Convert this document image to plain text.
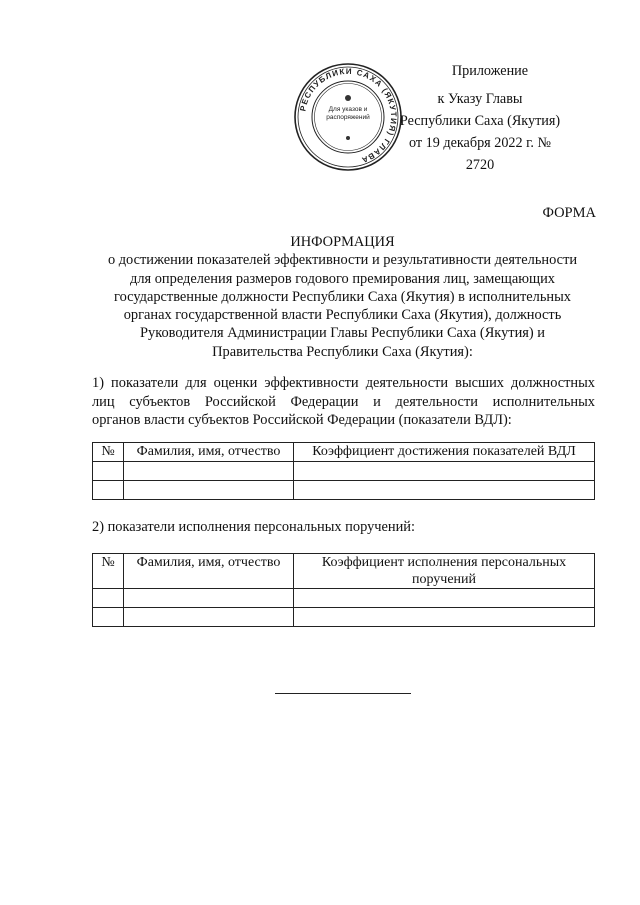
РЕСПУБЛИКИ САХА (ЯКУТИЯ) ГЛАВА
Для указов и распоряжений
Приложение
к Указу Главы
Республики Саха (Якутия)
от 19 декабря 2022 г. № 2720
ФОРМА
ИНФОРМАЦИЯ
о достижении показателей эффективности и результативности деятельности
для определения размеров годового премирования лиц, замещающих
государственные должности Республики Саха (Якутия) в исполнительных
органах государственной власти Республики Саха (Якутия), должность
Руководителя Администрации Главы Республики Саха (Якутия) и
Правительства Республики Саха (Якутия):
1) показатели для оценки эффективности деятельности высших должностных
лиц субъектов Российской Федерации и деятельности исполнительных
органов власти субъектов Российской Федерации (показатели ВДЛ):
№	Фамилия, имя, отчество	Коэффициент достижения показателей ВДЛ

2) показатели исполнения персональных поручений:
№	Фамилия, имя, отчество	Коэффициент исполнения персональных поручений
